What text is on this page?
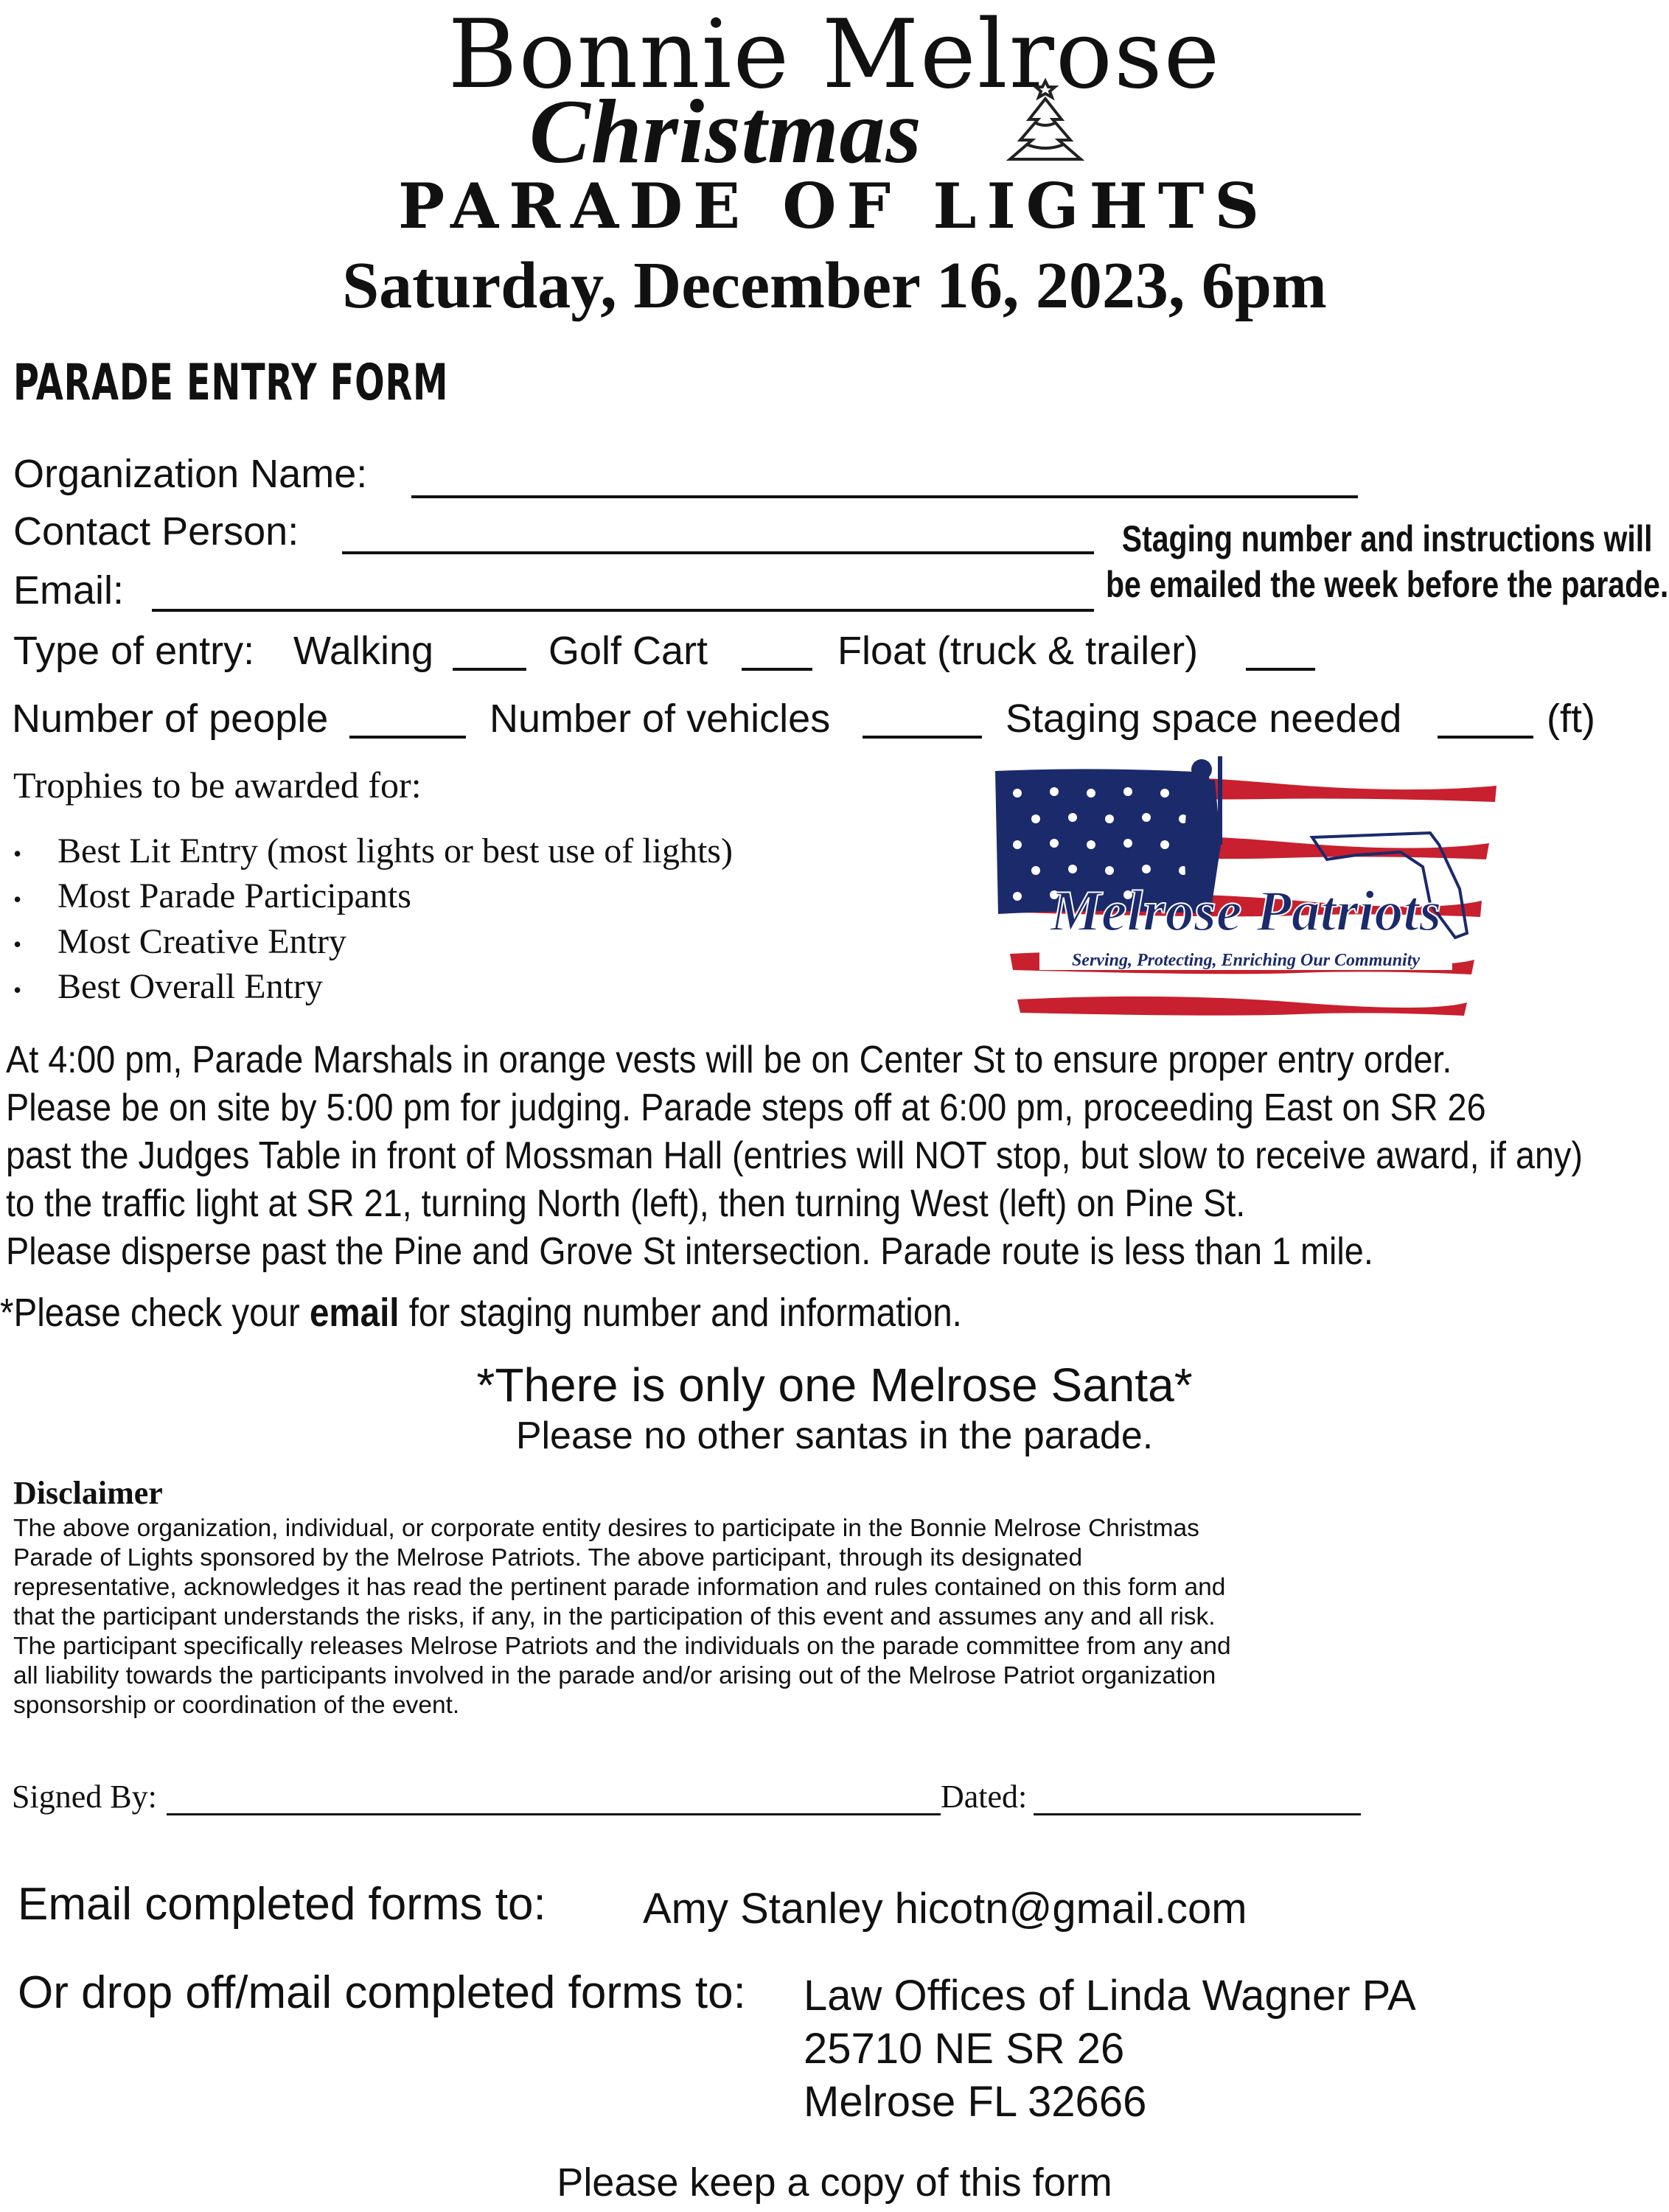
Bonnie Melrose
Christmas
PARADE OF LIGHTS
Saturday, December 16, 2023, 6pm
PARADE ENTRY FORM
Organization Name:
Contact Person:
Email:
Staging number and instructions will
be emailed the week before the parade.
Type of entry: Walking	Golf Cart	Float (truck & trailer)
Number of people	Number of vehicles	Staging space needed	(ft)
Trophies to be awarded for:
• Best Lit Entry (most lights or best use of lights)
• Most Parade Participants
• Most Creative Entry
• Best Overall Entry
Melrose Patriots
Serving, Protecting, Enriching Our Community
At 4:00 pm, Parade Marshals in orange vests will be on Center St to ensure proper entry order.
Please be on site by 5:00 pm for judging. Parade steps off at 6:00 pm, proceeding East on SR 26
past the Judges Table in front of Mossman Hall (entries will NOT stop, but slow to receive award, if any)
to the traffic light at SR 21, turning North (left), then turning West (left) on Pine St.
Please disperse past the Pine and Grove St intersection. Parade route is less than 1 mile.
*Please check your email for staging number and information.
*There is only one Melrose Santa*
Please no other santas in the parade.
Disclaimer
The above organization, individual, or corporate entity desires to participate in the Bonnie Melrose Christmas
Parade of Lights sponsored by the Melrose Patriots. The above participant, through its designated
representative, acknowledges it has read the pertinent parade information and rules contained on this form and
that the participant understands the risks, if any, in the participation of this event and assumes any and all risk.
The participant specifically releases Melrose Patriots and the individuals on the parade committee from any and
all liability towards the participants involved in the parade and/or arising out of the Melrose Patriot organization
sponsorship or coordination of the event.
Signed By:	Dated:
Email completed forms to: Amy Stanley hicotn@gmail.com
Or drop off/mail completed forms to: Law Offices of Linda Wagner PA
25710 NE SR 26
Melrose FL 32666
Please keep a copy of this form
